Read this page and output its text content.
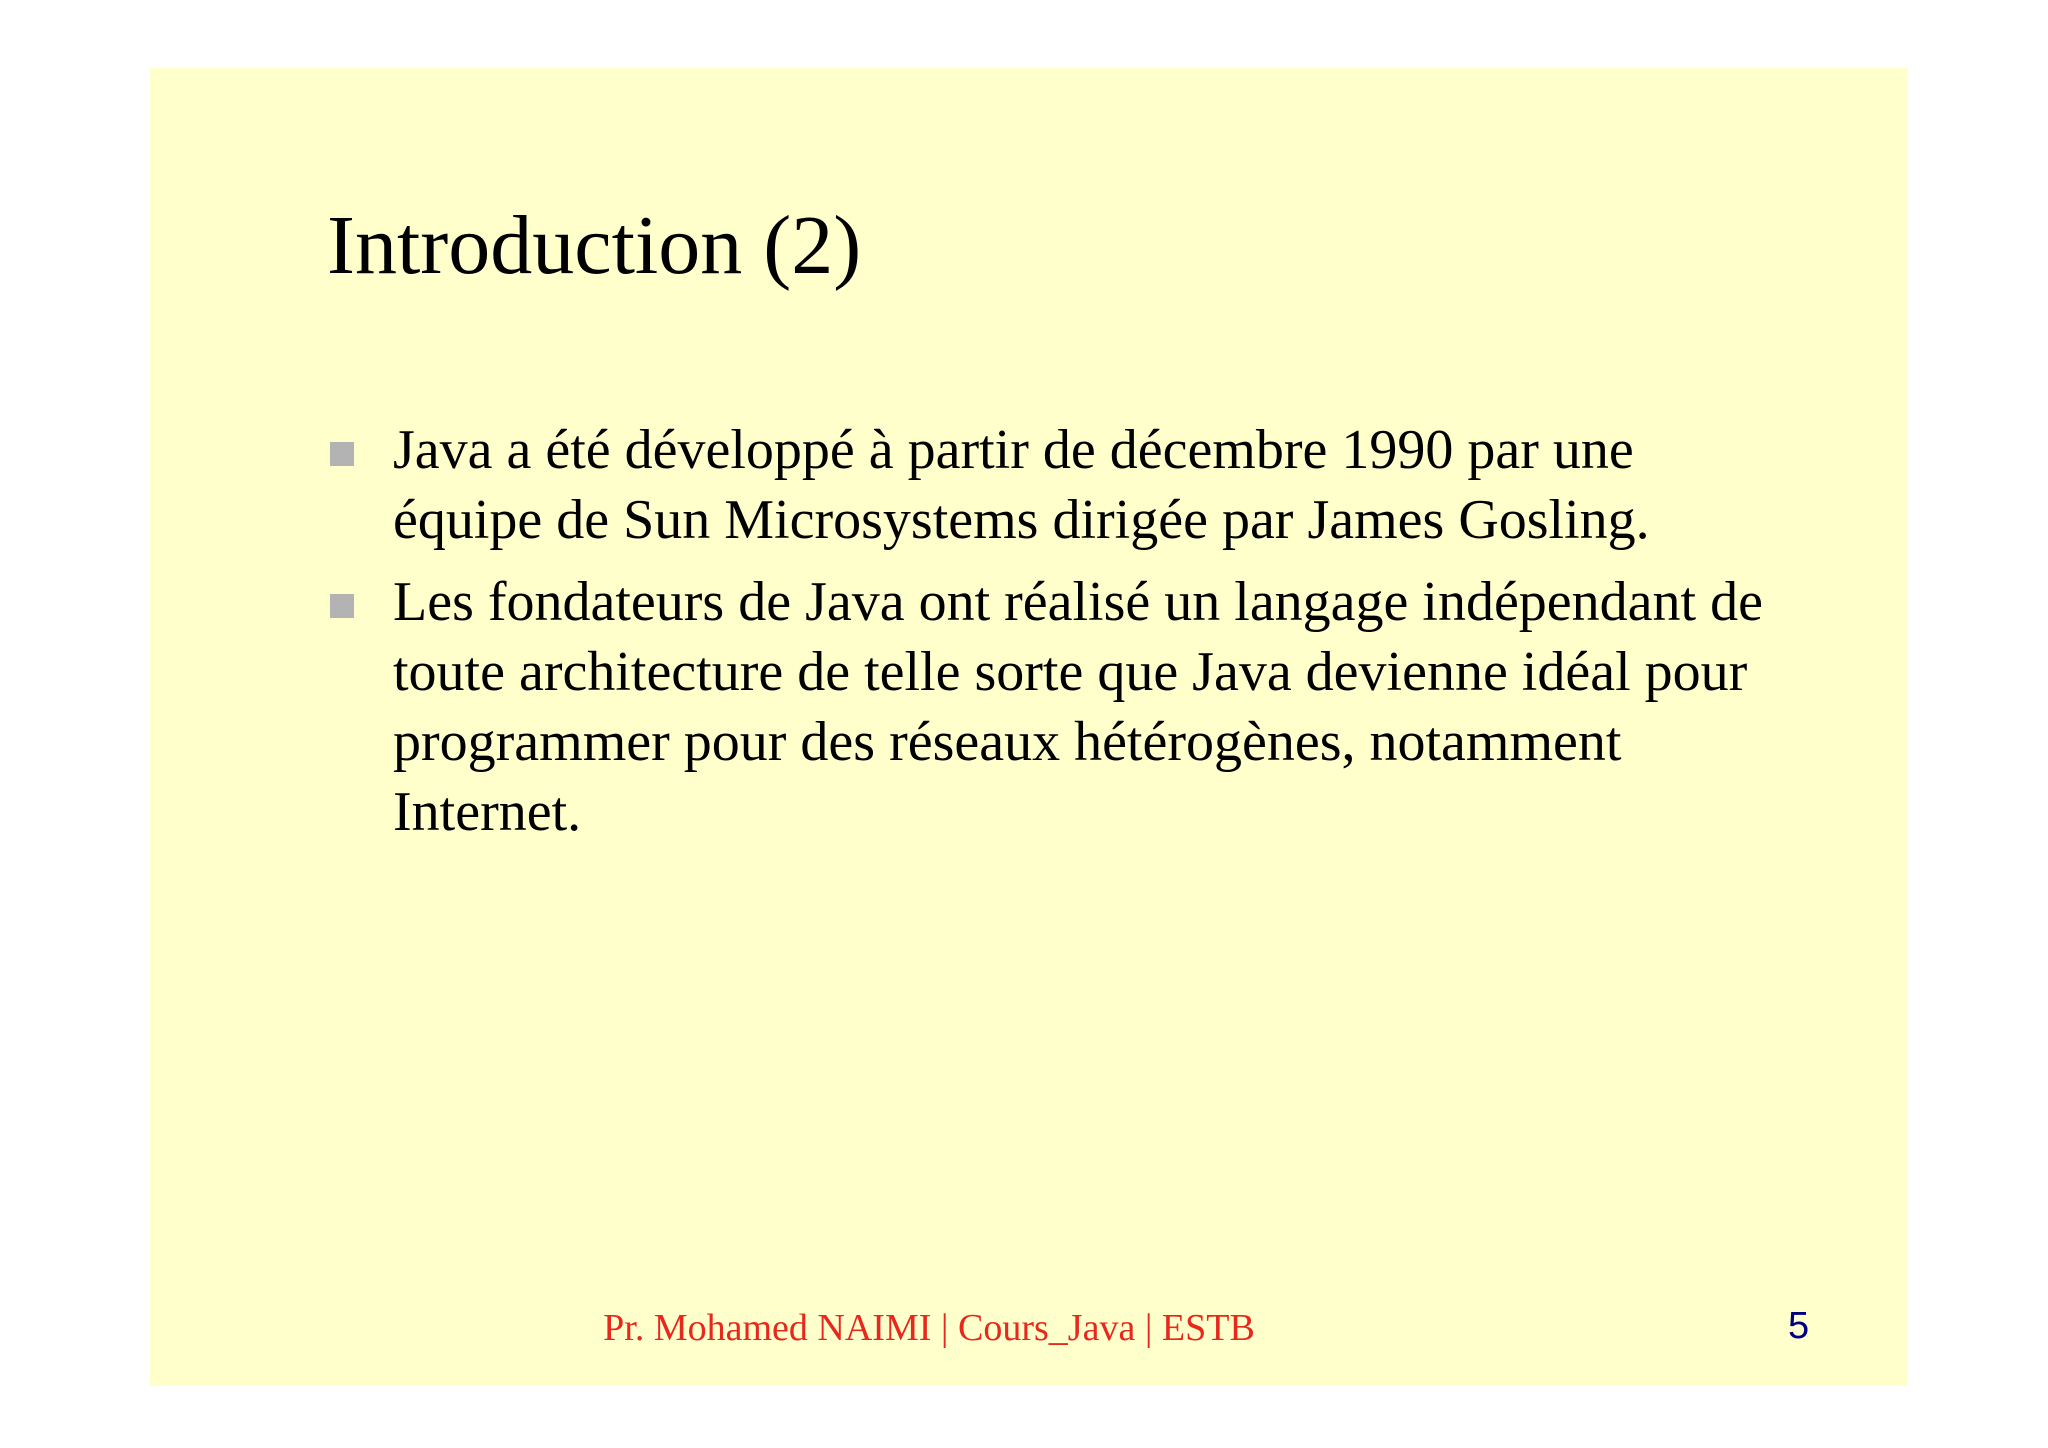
Introduction (2)
Java a été développé à partir de décembre 1990 par une équipe de Sun Microsystems dirigée par James Gosling.
Les fondateurs de Java ont réalisé un langage indépendant de toute architecture de telle sorte que Java devienne idéal pour programmer pour des réseaux hétérogènes, notamment Internet.
Pr. Mohamed NAIMI | Cours_Java | ESTB	5
